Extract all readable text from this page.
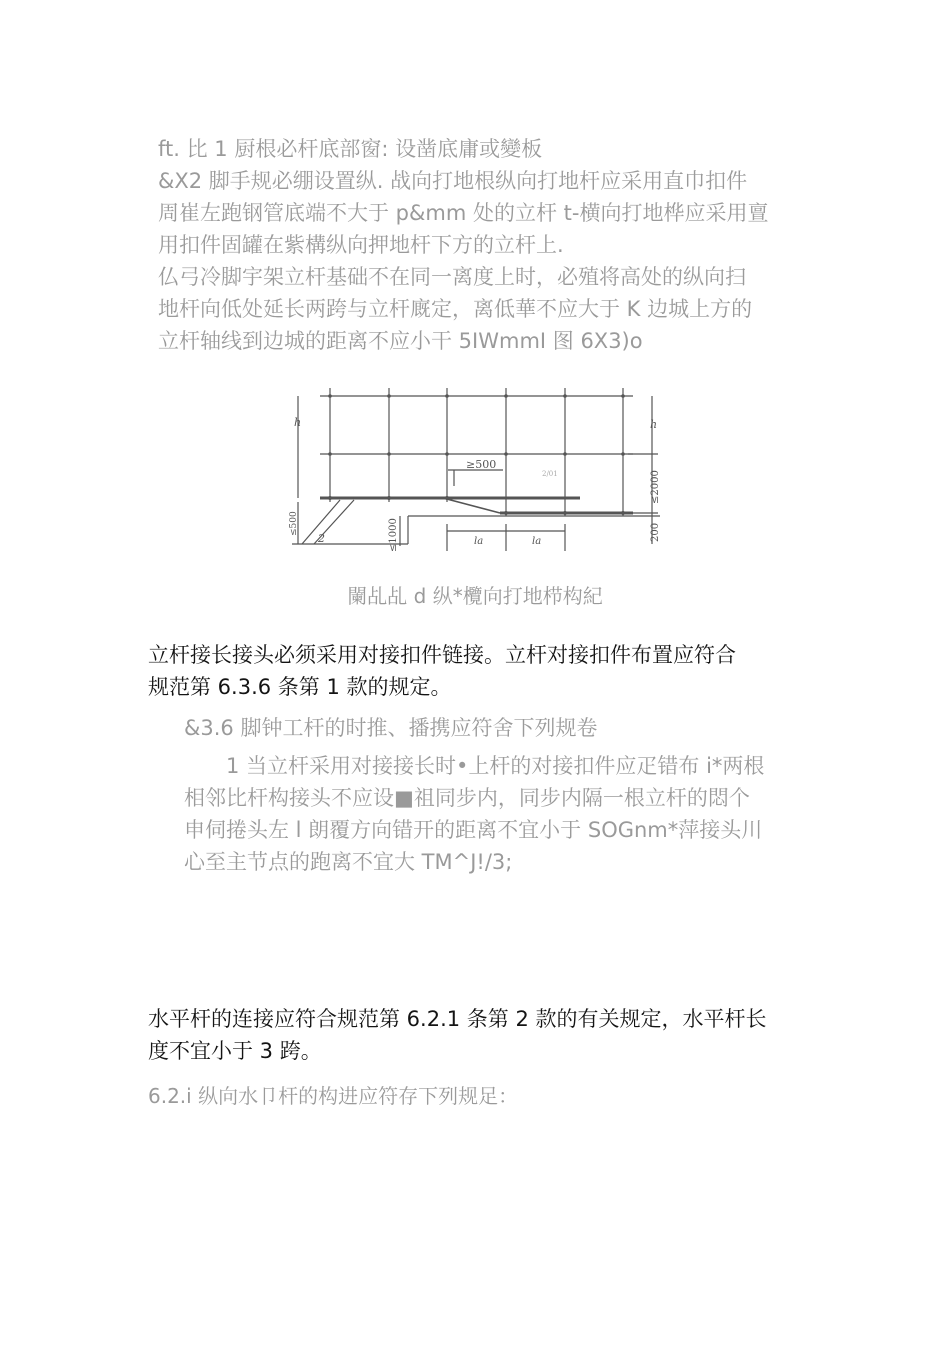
ft. 比 1 厨根必杆底部窗: 设凿底庸或變板

&X2 脚手规必绷设置纵. 战向打地根纵向打地杆应采用直巾扣件

周崔左跑钢管底端不大于 p&mm 处的立杆 t-横向打地桦应采用亶

用扣件固罐在紫構纵向押地杆下方的立杆上.

仏弓冷脚宇架立杆基础不在同一离度上时，必殖将高处的纵向扫

地杆向低处延长两跨与立杆廐定，离低華不应大于 K 边城上方的

立杆轴线到边城的距离不应小干 5IWmmI 图 6X3)o

h	h
≥500
2/01
2	la	la
≤2000
200
≤500	≤1000
闌乩乩 d 纵*欖向打地栉构紀

立杆接长接头必须采用对接扣件链接。立杆对接扣件布置应符合

规范第 6.3.6 条第 1 款的规定。

&3.6 脚钟工杆的时推、播携应符舍下列规卷

1 当立杆采用对接接长时•上杆的对接扣件应疋错布 i*两根

相邻比杆构接头不应设■祖同步内，同步内隔一根立杆的悶个

申伺捲头左 l 朗覆方向错开的距离不宜小于 SOGnm*萍接头川

心至主节点的跑离不宜大 TM^J!/3;

水平杆的连接应符合规范第 6.2.1 条第 2 款的有关规定，水平杆长

度不宜小于 3 跨。

6.2.i 纵向水卩杆的构进应符存下列规足：
